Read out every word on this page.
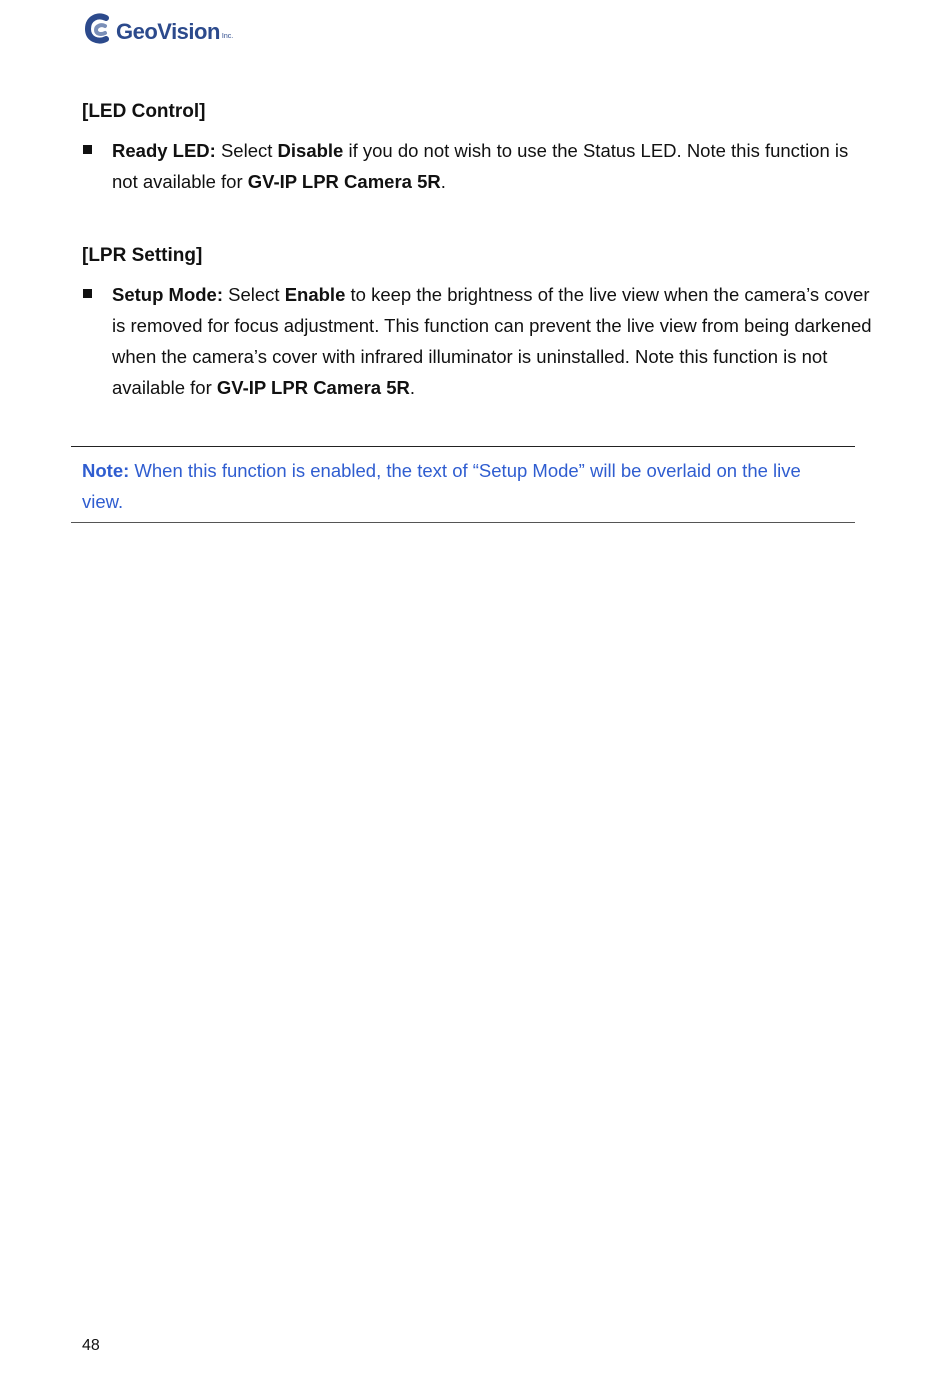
GeoVision Inc.
[LED Control]
Ready LED: Select Disable if you do not wish to use the Status LED. Note this function is not available for GV-IP LPR Camera 5R.
[LPR Setting]
Setup Mode: Select Enable to keep the brightness of the live view when the camera’s cover is removed for focus adjustment. This function can prevent the live view from being darkened when the camera’s cover with infrared illuminator is uninstalled. Note this function is not available for GV-IP LPR Camera 5R.
Note: When this function is enabled, the text of “Setup Mode” will be overlaid on the live view.
48
